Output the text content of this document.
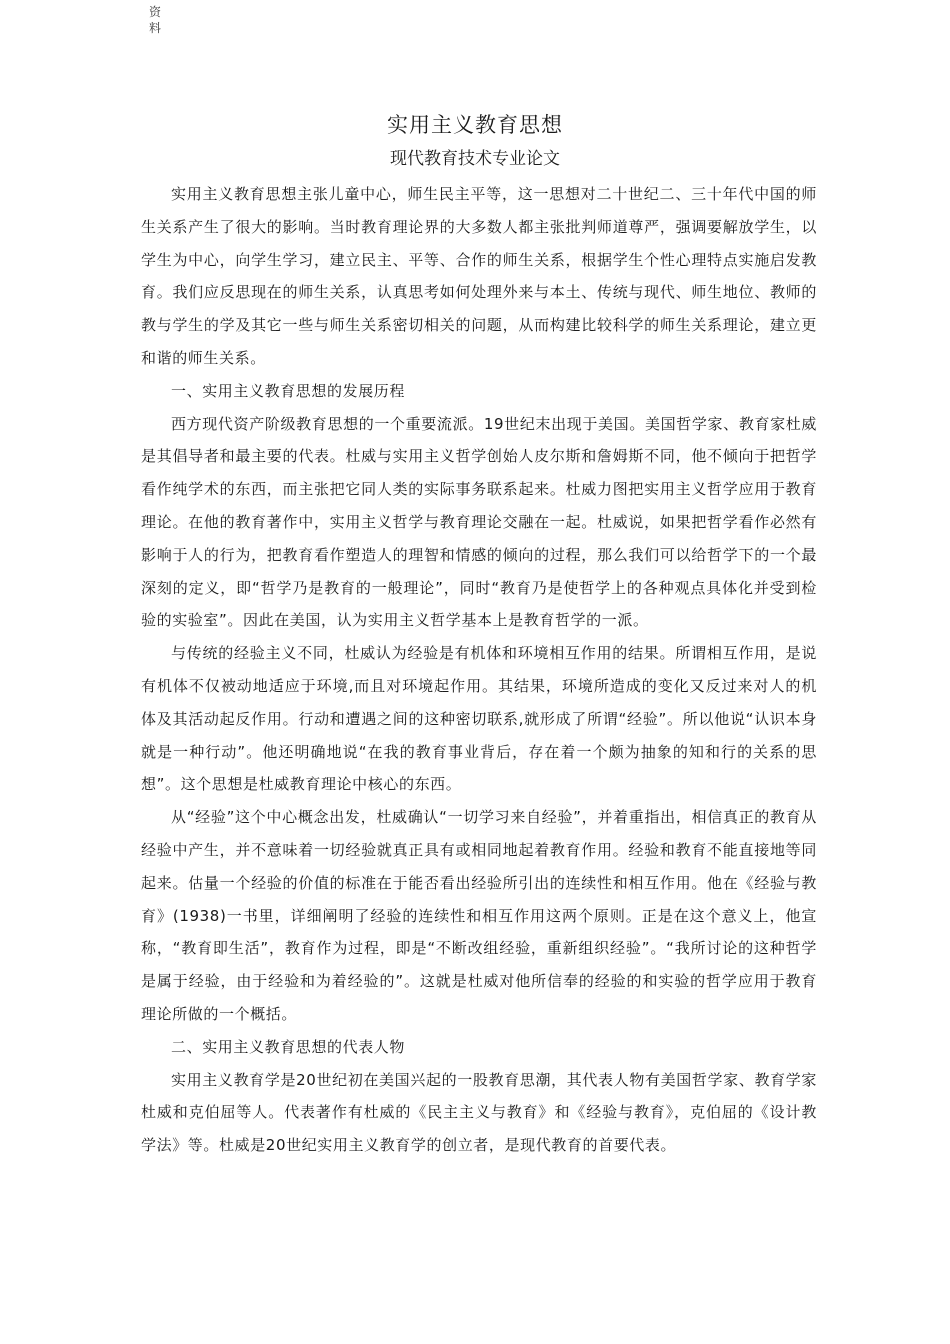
资料
实用主义教育思想
现代教育技术专业论文

实用主义教育思想主张儿童中心，师生民主平等，这一思想对二十世纪二、三十年代中国的师生关系产生了很大的影响。当时教育理论界的大多数人都主张批判师道尊严，强调要解放学生，以学生为中心，向学生学习，建立民主、平等、合作的师生关系，根据学生个性心理特点实施启发教育。我们应反思现在的师生关系，认真思考如何处理外来与本土、传统与现代、师生地位、教师的教与学生的学及其它一些与师生关系密切相关的问题，从而构建比较科学的师生关系理论，建立更和谐的师生关系。

一、实用主义教育思想的发展历程

西方现代资产阶级教育思想的一个重要流派。19世纪末出现于美国。美国哲学家、教育家杜威是其倡导者和最主要的代表。杜威与实用主义哲学创始人皮尔斯和詹姆斯不同，他不倾向于把哲学看作纯学术的东西，而主张把它同人类的实际事务联系起来。杜威力图把实用主义哲学应用于教育理论。在他的教育著作中，实用主义哲学与教育理论交融在一起。杜威说，如果把哲学看作必然有影响于人的行为，把教育看作塑造人的理智和情感的倾向的过程，那么我们可以给哲学下的一个最深刻的定义，即“哲学乃是教育的一般理论”，同时“教育乃是使哲学上的各种观点具体化并受到检验的实验室”。因此在美国，认为实用主义哲学基本上是教育哲学的一派。

与传统的经验主义不同，杜威认为经验是有机体和环境相互作用的结果。所谓相互作用，是说有机体不仅被动地适应于环境,而且对环境起作用。其结果，环境所造成的变化又反过来对人的机体及其活动起反作用。行动和遭遇之间的这种密切联系,就形成了所谓“经验”。所以他说“认识本身就是一种行动”。他还明确地说“在我的教育事业背后，存在着一个颇为抽象的知和行的关系的思想”。这个思想是杜威教育理论中核心的东西。

从“经验”这个中心概念出发，杜威确认“一切学习来自经验”，并着重指出，相信真正的教育从经验中产生，并不意味着一切经验就真正具有或相同地起着教育作用。经验和教育不能直接地等同起来。估量一个经验的价值的标准在于能否看出经验所引出的连续性和相互作用。他在《经验与教育》(1938)一书里，详细阐明了经验的连续性和相互作用这两个原则。正是在这个意义上，他宣称，“教育即生活”，教育作为过程，即是“不断改组经验，重新组织经验”。“我所讨论的这种哲学是属于经验，由于经验和为着经验的”。这就是杜威对他所信奉的经验的和实验的哲学应用于教育理论所做的一个概括。

二、实用主义教育思想的代表人物

实用主义教育学是20世纪初在美国兴起的一股教育思潮，其代表人物有美国哲学家、教育学家杜威和克伯屈等人。代表著作有杜威的《民主主义与教育》和《经验与教育》，克伯屈的《设计教学法》等。杜威是20世纪实用主义教育学的创立者，是现代教育的首要代表。
